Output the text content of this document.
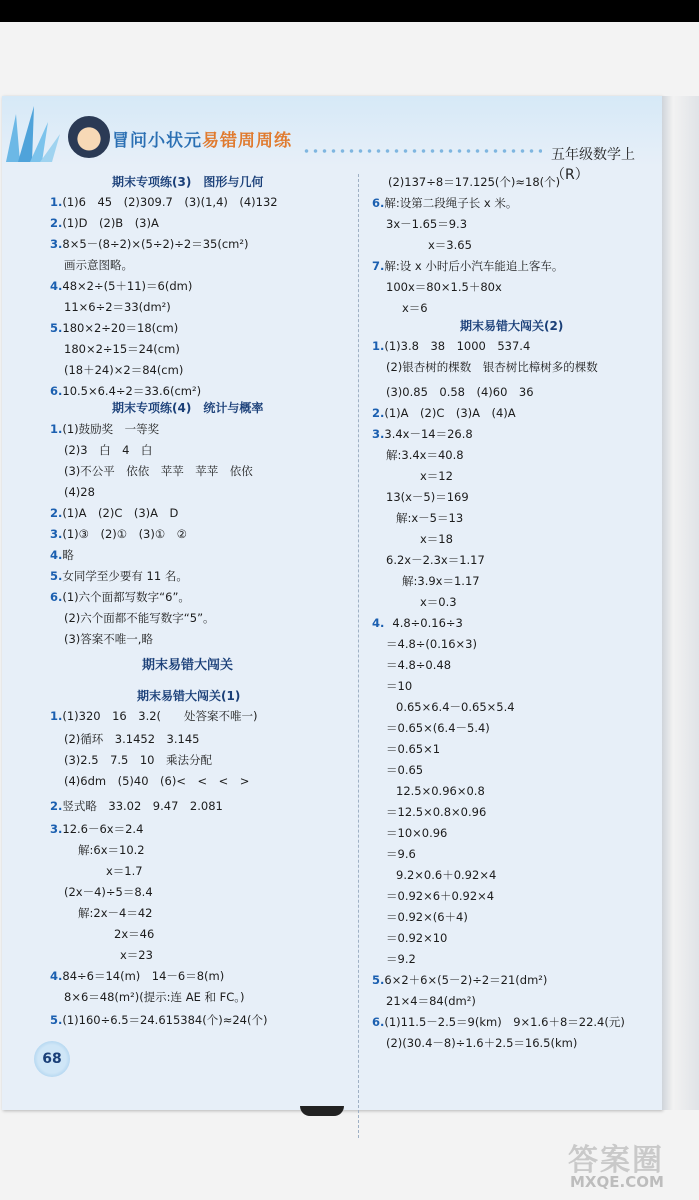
冒问小状元易错周周练
五年级数学上（R）
期末专项练(3)　图形与几何
1.(1)6　45　(2)309.7　(3)(1,4)　(4)132
2.(1)D　(2)B　(3)A
3.8×5－(8÷2)×(5÷2)÷2＝35(cm²)
画示意图略。
4.48×2÷(5＋11)＝6(dm)
11×6÷2＝33(dm²)
5.180×2÷20＝18(cm)
180×2÷15＝24(cm)
(18＋24)×2＝84(cm)
6.10.5×6.4÷2＝33.6(cm²)
期末专项练(4)　统计与概率
1.(1)鼓励奖　一等奖
(2)3　白　4　白
(3)不公平　依依　苹苹　苹苹　依依
(4)28
2.(1)A　(2)C　(3)A　D
3.(1)③　(2)①　(3)①　②
4.略
5.女同学至少要有 11 名。
6.(1)六个面都写数字“6”。
(2)六个面都不能写数字“5”。
(3)答案不唯一,略
期末易错大闯关
期末易错大闯关(1)
1.(1)320　16　3.2(　　处答案不唯一)
(2)循环　3.1452　3.145
(3)2.5　7.5　10　乘法分配
(4)6dm　(5)40　(6)<　<　<　>
2.竖式略　33.02　9.47　2.081
3.12.6－6x＝2.4
解:6x＝10.2
x＝1.7
(2x－4)÷5＝8.4
解:2x－4＝42
2x＝46
x＝23
4.84÷6＝14(m)　14－6＝8(m)
8×6＝48(m²)(提示:连 AE 和 FC。)
5.(1)160÷6.5＝24.615384(个)≈24(个)
(2)137÷8＝17.125(个)≈18(个)
6.解:设第二段绳子长 x 米。
3x－1.65＝9.3
x＝3.65
7.解:设 x 小时后小汽车能追上客车。
100x＝80×1.5＋80x
x＝6
期末易错大闯关(2)
1.(1)3.8　38　1000　537.4
(2)银杏树的棵数　银杏树比樟树多的棵数
(3)0.85　0.58　(4)60　36
2.(1)A　(2)C　(3)A　(4)A
3.3.4x－14＝26.8
解:3.4x＝40.8
x＝12
13(x－5)＝169
解:x－5＝13
x＝18
6.2x－2.3x＝1.17
解:3.9x＝1.17
x＝0.3
4. 4.8÷0.16÷3
＝4.8÷(0.16×3)
＝4.8÷0.48
＝10
0.65×6.4－0.65×5.4
＝0.65×(6.4－5.4)
＝0.65×1
＝0.65
12.5×0.96×0.8
＝12.5×0.8×0.96
＝10×0.96
＝9.6
9.2×0.6＋0.92×4
＝0.92×6＋0.92×4
＝0.92×(6＋4)
＝0.92×10
＝9.2
5.6×2＋6×(5－2)÷2＝21(dm²)
21×4＝84(dm²)
6.(1)11.5－2.5＝9(km)　9×1.6＋8＝22.4(元)
(2)(30.4－8)÷1.6＋2.5＝16.5(km)
68
答案圈
MXQE.COM
